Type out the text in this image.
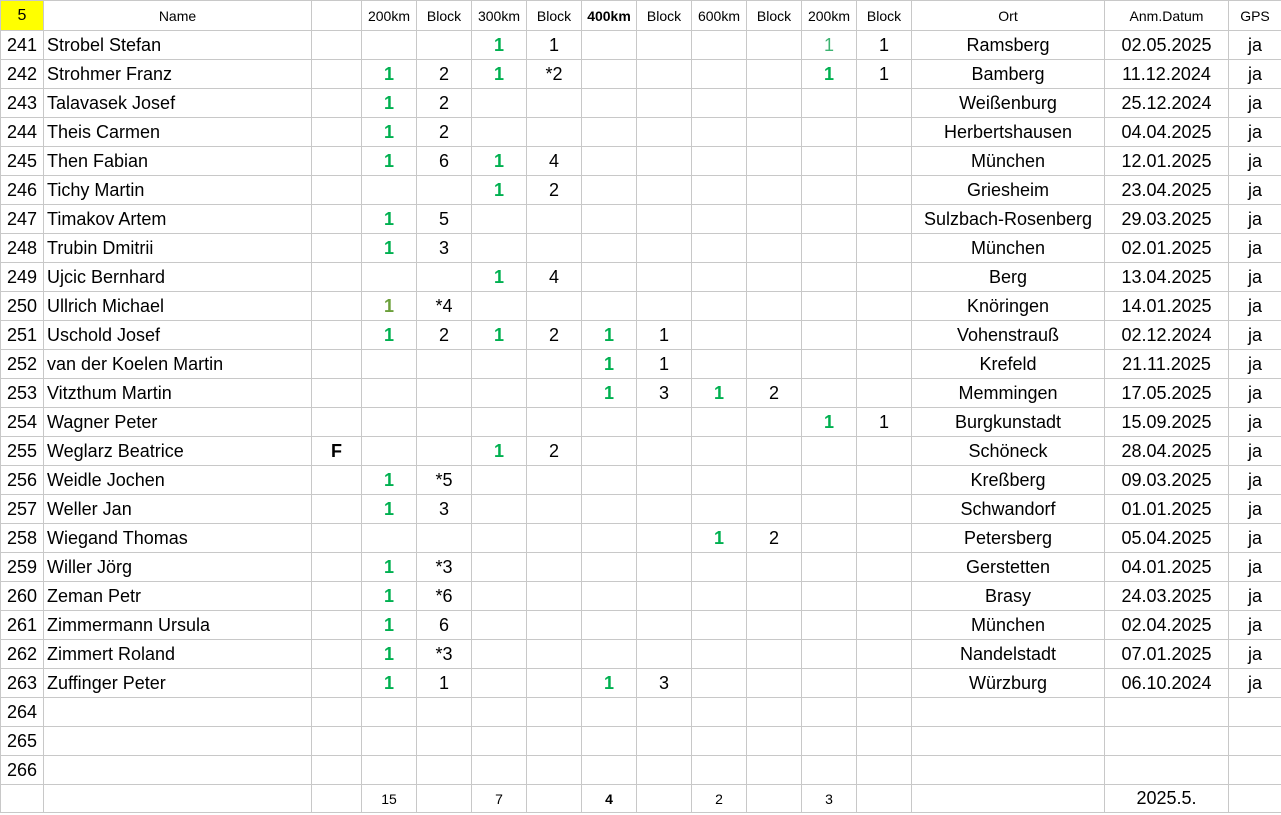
5	Name		200km	Block	300km	Block	400km	Block	600km	Block	200km	Block	Ort	Anm.Datum	GPS
241	Strobel Stefan				1	1					1	1	Ramsberg	02.05.2025	ja
242	Strohmer Franz		1	2	1	*2					1	1	Bamberg	11.12.2024	ja
243	Talavasek Josef		1	2									Weißenburg	25.12.2024	ja
244	Theis Carmen		1	2									Herbertshausen	04.04.2025	ja
245	Then Fabian		1	6	1	4							München	12.01.2025	ja
246	Tichy Martin				1	2							Griesheim	23.04.2025	ja
247	Timakov Artem		1	5									Sulzbach-Rosenberg	29.03.2025	ja
248	Trubin Dmitrii		1	3									München	02.01.2025	ja
249	Ujcic Bernhard				1	4							Berg	13.04.2025	ja
250	Ullrich Michael		1	*4									Knöringen	14.01.2025	ja
251	Uschold Josef		1	2	1	2	1	1					Vohenstrauß	02.12.2024	ja
252	van der Koelen Martin						1	1					Krefeld	21.11.2025	ja
253	Vitzthum Martin						1	3	1	2			Memmingen	17.05.2025	ja
254	Wagner Peter										1	1	Burgkunstadt	15.09.2025	ja
255	Weglarz Beatrice	F			1	2							Schöneck	28.04.2025	ja
256	Weidle Jochen		1	*5									Kreßberg	09.03.2025	ja
257	Weller Jan		1	3									Schwandorf	01.01.2025	ja
258	Wiegand Thomas								1	2			Petersberg	05.04.2025	ja
259	Willer Jörg		1	*3									Gerstetten	04.01.2025	ja
260	Zeman Petr		1	*6									Brasy	24.03.2025	ja
261	Zimmermann Ursula		1	6									München	02.04.2025	ja
262	Zimmert Roland		1	*3									Nandelstadt	07.01.2025	ja
263	Zuffinger Peter		1	1			1	3					Würzburg	06.10.2024	ja
264															
265															
266															
			15		7		4		2		3			2025.5.	
